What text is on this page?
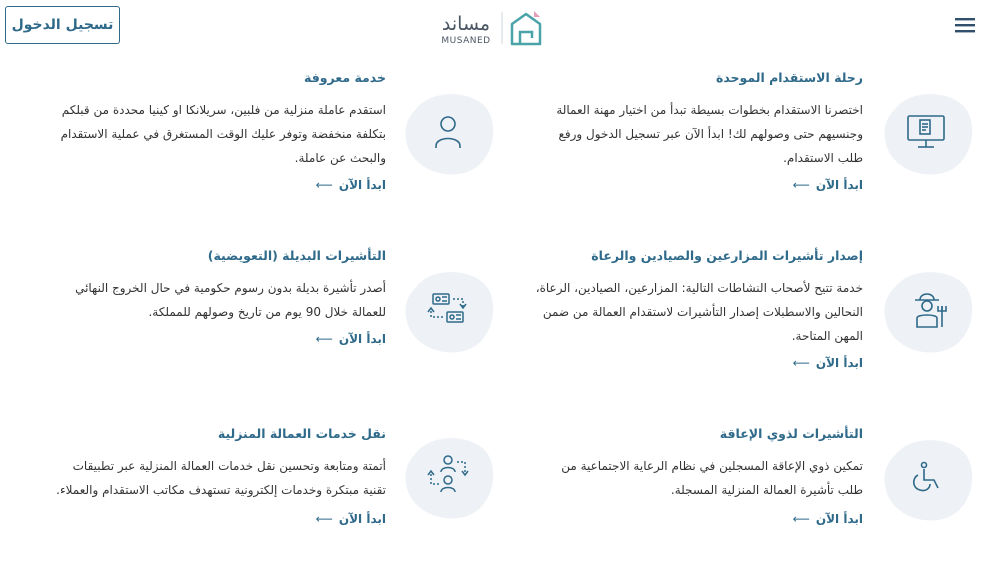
تسجيل الدخول	مساند
MUSANED
رحلة الاستقدام الموحدة
اختصرنا الاستقدام بخطوات بسيطة تبدأ من اختيار مهنة العمالة
وجنسيهم حتى وصولهم لك! ابدأ الآن عبر تسجيل الدخول ورفع
طلب الاستقدام.
ابدأ الآن⟵
خدمة معروفة
استقدم عاملة منزلية من فلبين، سريلانكا او كينيا محددة من قبلكم
بتكلفة منخفضة وتوفر عليك الوقت المستغرق في عملية الاستقدام
والبحث عن عاملة.
ابدأ الآن⟵
إصدار تأشيرات المزارعين والصيادين والرعاة
خدمة تتيح لأصحاب النشاطات التالية: المزارعين، الصيادين، الرعاة،
النحالين والاسطبلات إصدار التأشيرات لاستقدام العمالة من ضمن
المهن المتاحة.
ابدأ الآن⟵
التأشيرات البديلة (التعويضية)
أصدر تأشيرة بديلة بدون رسوم حكومية في حال الخروج النهائي
للعمالة خلال 90 يوم من تاريخ وصولهم للمملكة.
ابدأ الآن⟵
التأشيرات لذوي الإعاقة
تمكين ذوي الإعاقة المسجلين في نظام الرعاية الاجتماعية من
طلب تأشيرة العمالة المنزلية المسجلة.
ابدأ الآن⟵
نقل خدمات العمالة المنزلية
أتمتة ومتابعة وتحسين نقل خدمات العمالة المنزلية عبر تطبيقات
تقنية مبتكرة وخدمات إلكترونية تستهدف مكاتب الاستقدام والعملاء.
ابدأ الآن⟵
